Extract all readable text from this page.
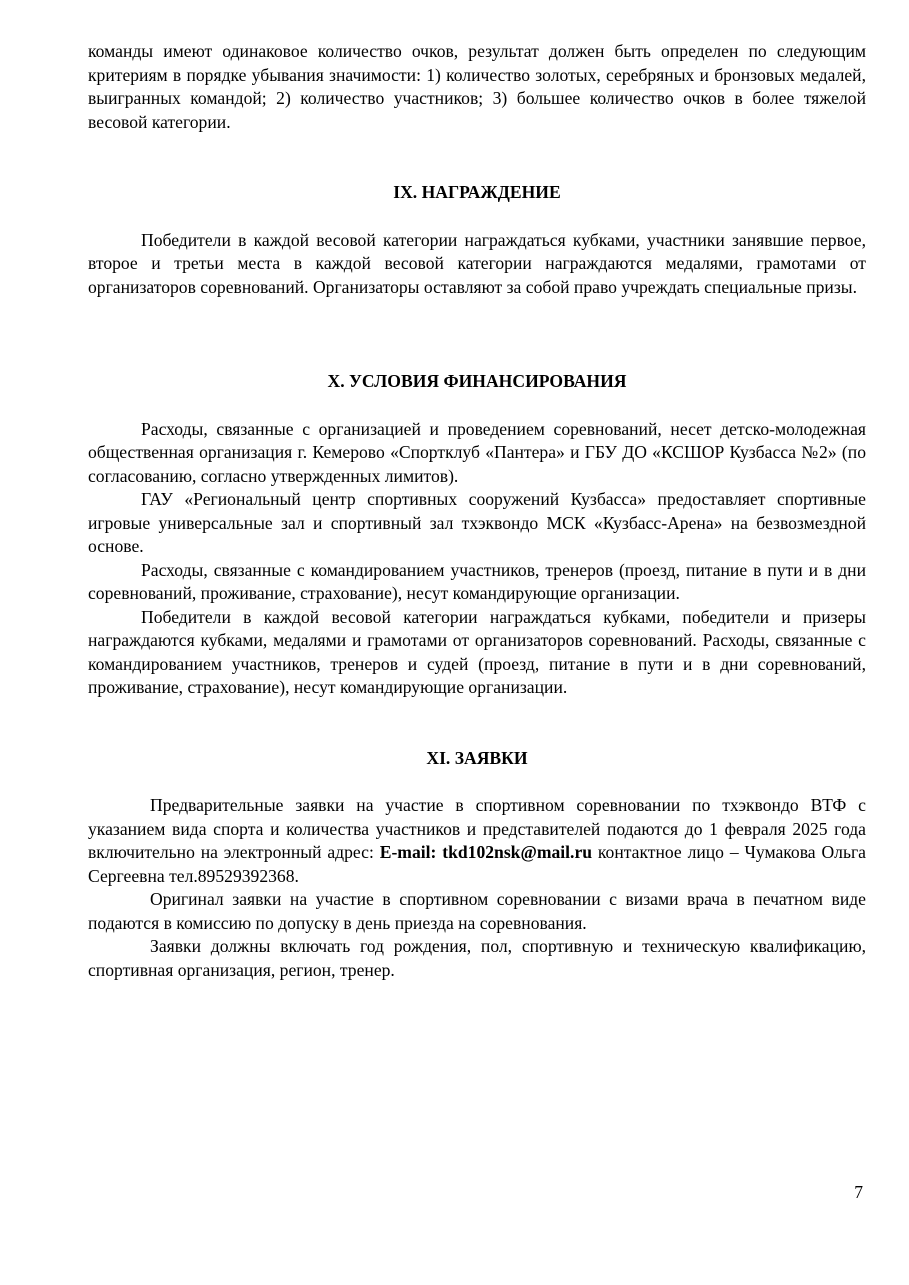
команды имеют одинаковое количество очков, результат должен быть определен по следующим критериям в порядке убывания значимости: 1) количество золотых, серебряных и бронзовых медалей, выигранных командой; 2) количество участников; 3) большее количество очков в более тяжелой весовой категории.

IX. НАГРАЖДЕНИЕ

Победители в каждой весовой категории награждаться кубками, участники занявшие первое, второе и третьи места в каждой весовой категории награждаются медалями, грамотами от организаторов соревнований. Организаторы оставляют за собой право учреждать специальные призы.

X. УСЛОВИЯ ФИНАНСИРОВАНИЯ

Расходы, связанные с организацией и проведением соревнований, несет детско-молодежная общественная организация г. Кемерово «Спортклуб «Пантера» и ГБУ ДО «КСШОР Кузбасса №2» (по согласованию, согласно утвержденных лимитов).

ГАУ «Региональный центр спортивных сооружений Кузбасса» предоставляет спортивные игровые универсальные зал и спортивный зал тхэквондо МСК «Кузбасс-Арена» на безвозмездной основе.

Расходы, связанные с командированием участников, тренеров (проезд, питание в пути и в дни соревнований, проживание, страхование), несут командирующие организации.

Победители в каждой весовой категории награждаться кубками, победители и призеры награждаются кубками, медалями и грамотами от организаторов соревнований. Расходы, связанные с командированием участников, тренеров и судей (проезд, питание в пути и в дни соревнований, проживание, страхование), несут командирующие организации.

XI. ЗАЯВКИ

Предварительные заявки на участие в спортивном соревновании по тхэквондо ВТФ с указанием вида спорта и количества участников и представителей подаются до 1 февраля 2025 года включительно на электронный адрес: E-mail: tkd102nsk@mail.ru контактное лицо – Чумакова Ольга Сергеевна тел.89529392368.

Оригинал заявки на участие в спортивном соревновании с визами врача в печатном виде подаются в комиссию по допуску в день приезда на соревнования.

Заявки должны включать год рождения, пол, спортивную и техническую квалификацию, спортивная организация, регион, тренер.

7
